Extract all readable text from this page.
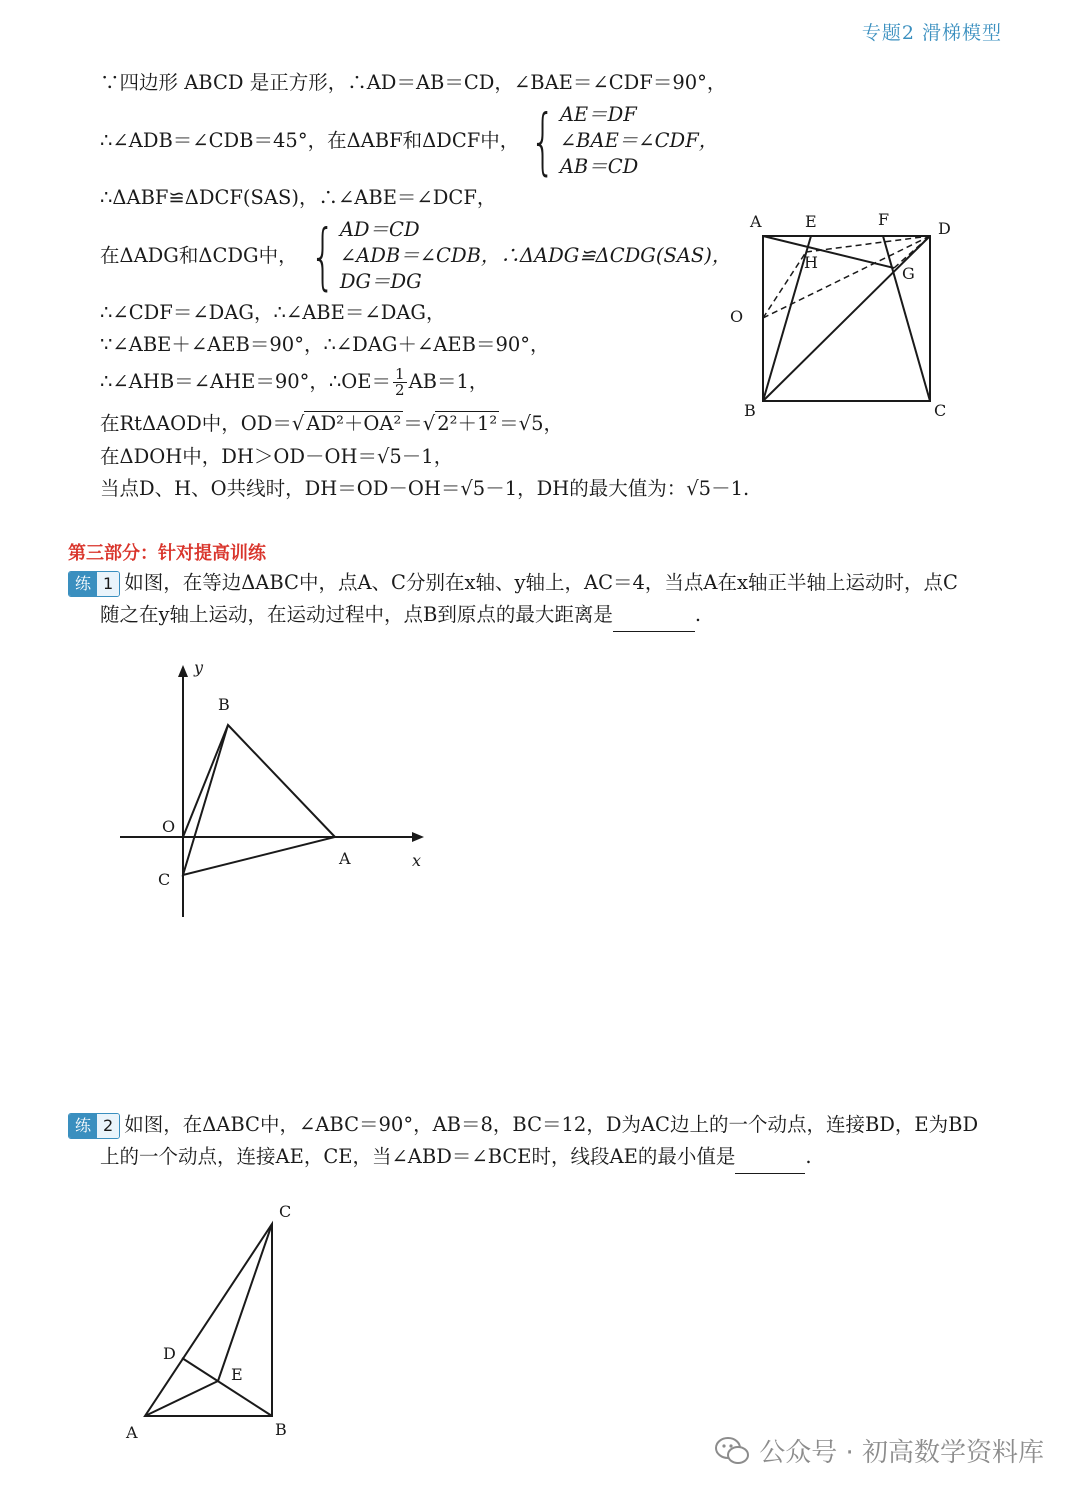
专题2 滑梯模型
∵四边形 ABCD 是正方形，∴AD＝AB＝CD，∠BAE＝∠CDF＝90°，
∴∠ADB＝∠CDB＝45°，在ΔABF和ΔDCF中， { AE＝DF
∠BAE＝∠CDF，
AB＝CD
∴ΔABF≌ΔDCF(SAS)，∴∠ABE＝∠DCF，
在ΔADG和ΔCDG中， { AD＝CD
∠ADB＝∠CDB，∴ΔADG≌ΔCDG(SAS)，
DG＝DG
∴∠CDF＝∠DAG，∴∠ABE＝∠DAG，
∵∠ABE＋∠AEB＝90°，∴∠DAG＋∠AEB＝90°，
∴∠AHB＝∠AHE＝90°，∴OE＝ $\frac{1}{2} AB=1$，
在RtΔAOD中，OD＝√ AD²＋OA² ＝√ 2²＋1² ＝√5，
在ΔDOH中，DH＞OD－OH＝√5－1，
当点D、H、O共线时，DH＝OD－OH＝√5－1，DH的最大值为：√5－1.
A	E	F	D
H
G
O
B	C
第三部分：针对提高训练
练 1 如图，在等边ΔABC中，点A、C分别在x轴、y轴上，AC＝4，当点A在x轴正半轴上运动时，点C
随之在y轴上运动，在运动过程中，点B到原点的最大距离是	.
y
B
O
A	x
C
练 2 如图，在ΔABC中，∠ABC＝90°，AB＝8，BC＝12，D为AC边上的一个动点，连接BD，E为BD
上的一个动点，连接AE，CE，当∠ABD＝∠BCE时，线段AE的最小值是	.
C
D
E
A	B
公众号 · 初高数学资料库
